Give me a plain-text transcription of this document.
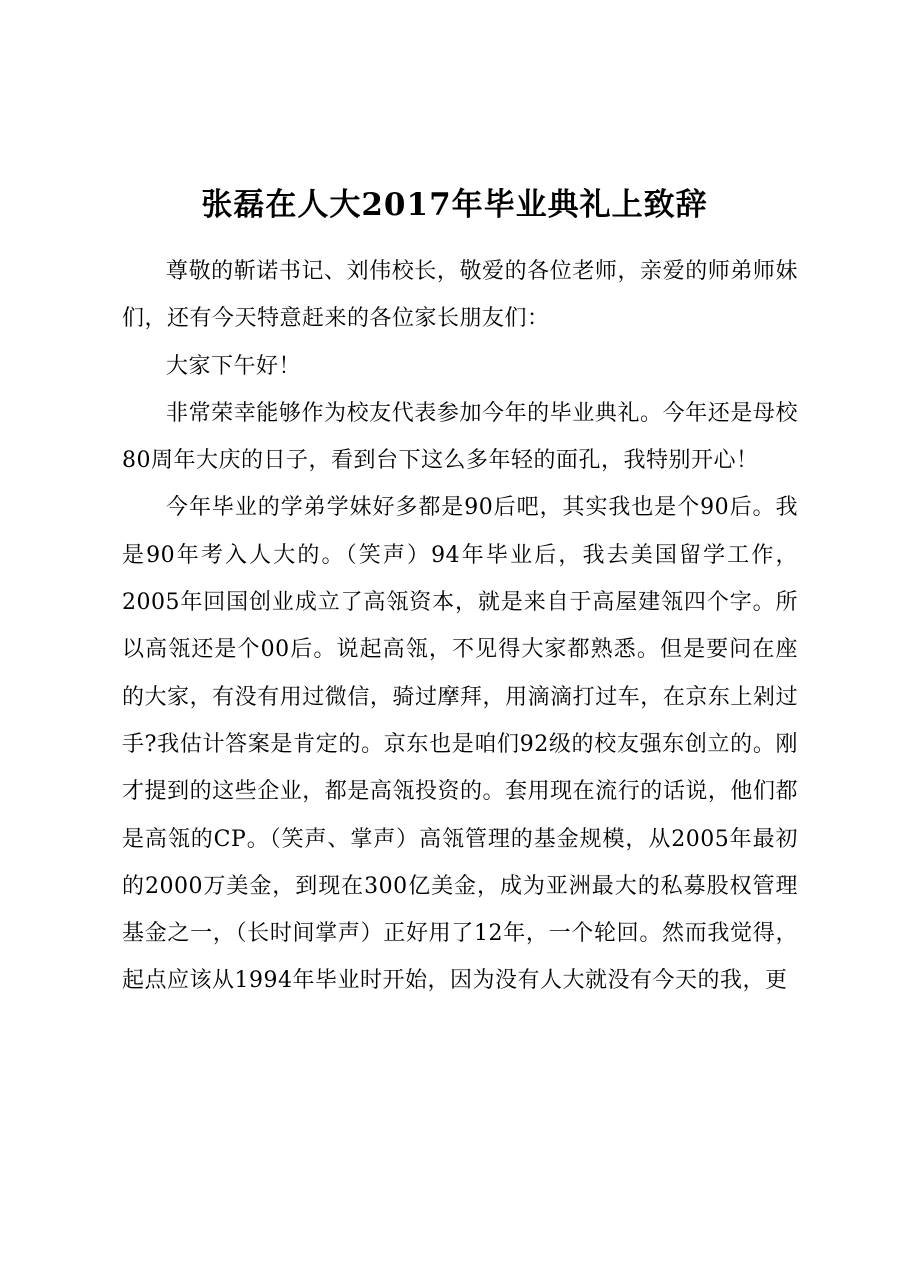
张磊在人大2017年毕业典礼上致辞

尊敬的靳诺书记、刘伟校长，敬爱的各位老师，亲爱的师弟师妹们，还有今天特意赶来的各位家长朋友们：

大家下午好！

非常荣幸能够作为校友代表参加今年的毕业典礼。今年还是母校80周年大庆的日子，看到台下这么多年轻的面孔，我特别开心！

今年毕业的学弟学妹好多都是90后吧，其实我也是个90后。我是90年考入人大的。（笑声）94年毕业后，我去美国留学工作，2005年回国创业成立了高瓴资本，就是来自于高屋建瓴四个字。所以高瓴还是个00后。说起高瓴，不见得大家都熟悉。但是要问在座的大家，有没有用过微信，骑过摩拜，用滴滴打过车，在京东上剁过手?我估计答案是肯定的。京东也是咱们92级的校友强东创立的。刚才提到的这些企业，都是高瓴投资的。套用现在流行的话说，他们都是高瓴的CP。（笑声、掌声）高瓴管理的基金规模，从2005年最初的2000万美金，到现在300亿美金，成为亚洲最大的私募股权管理基金之一，（长时间掌声）正好用了12年，一个轮回。然而我觉得，起点应该从1994年毕业时开始，因为没有人大就没有今天的我，更
